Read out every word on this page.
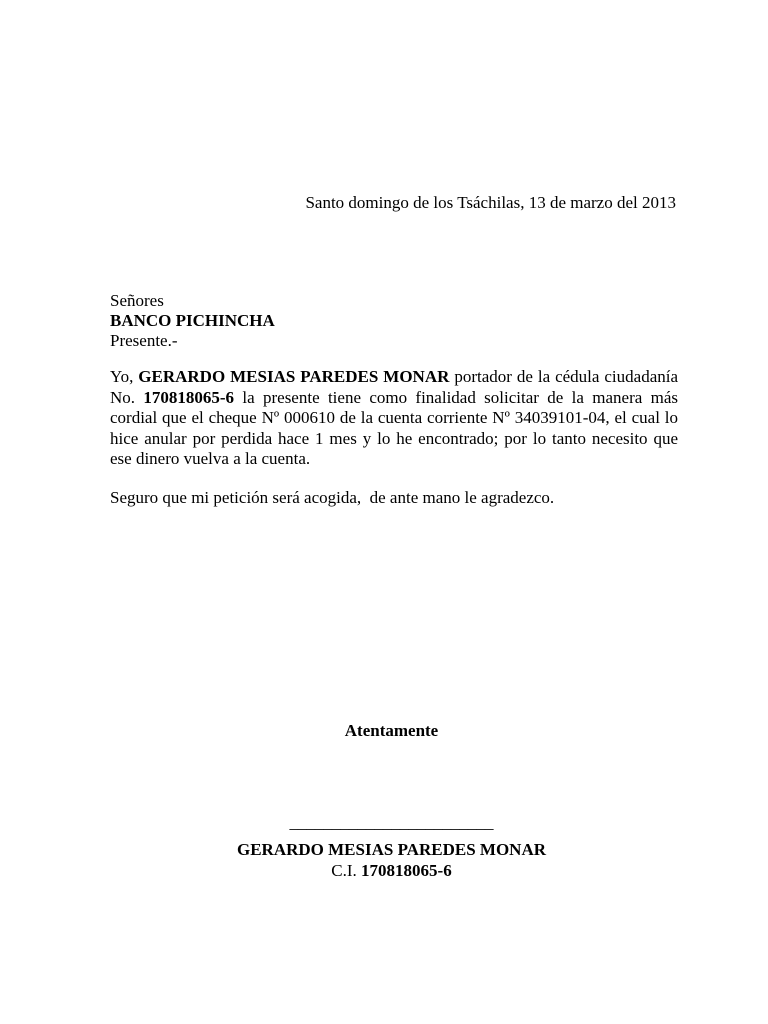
Santo domingo de los Tsáchilas, 13 de marzo del 2013
Señores
BANCO PICHINCHA
Presente.-
Yo, GERARDO MESIAS PAREDES MONAR portador de la cédula ciudadanía No. 170818065-6 la presente tiene como finalidad solicitar de la manera más cordial que el cheque Nº 000610 de la cuenta corriente Nº 34039101-04, el cual lo hice anular por perdida hace 1 mes y lo he encontrado; por lo tanto necesito que ese dinero vuelva a la cuenta.
Seguro que mi petición será acogida,  de ante mano le agradezco.
Atentamente
________________________
GERARDO MESIAS PAREDES MONAR
C.I. 170818065-6
